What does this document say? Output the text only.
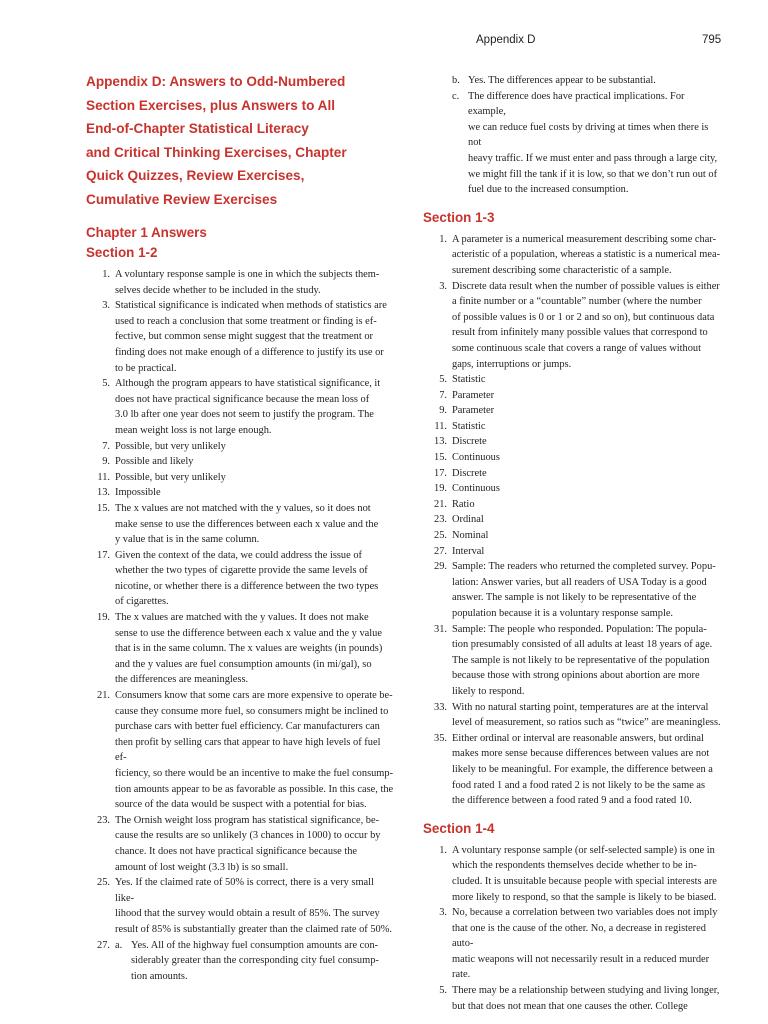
Appendix D	795
Appendix D: Answers to Odd-Numbered
Section Exercises, plus Answers to All
End-of-Chapter Statistical Literacy
and Critical Thinking Exercises, Chapter
Quick Quizzes, Review Exercises,
Cumulative Review Exercises
Chapter 1 Answers
Section 1-2
1. A voluntary response sample is one in which the subjects them-
selves decide whether to be included in the study.
3. Statistical significance is indicated when methods of statistics are
used to reach a conclusion that some treatment or finding is ef-
fective, but common sense might suggest that the treatment or
finding does not make enough of a difference to justify its use or
to be practical.
5. Although the program appears to have statistical significance, it
does not have practical significance because the mean loss of
3.0 lb after one year does not seem to justify the program. The
mean weight loss is not large enough.
7. Possible, but very unlikely
9. Possible and likely
11. Possible, but very unlikely
13. Impossible
15. The x values are not matched with the y values, so it does not
make sense to use the differences between each x value and the
y value that is in the same column.
17. Given the context of the data, we could address the issue of
whether the two types of cigarette provide the same levels of
nicotine, or whether there is a difference between the two types
of cigarettes.
19. The x values are matched with the y values. It does not make
sense to use the difference between each x value and the y value
that is in the same column. The x values are weights (in pounds)
and the y values are fuel consumption amounts (in mi/gal), so
the differences are meaningless.
21. Consumers know that some cars are more expensive to operate be-
cause they consume more fuel, so consumers might be inclined to
purchase cars with better fuel efficiency. Car manufacturers can
then profit by selling cars that appear to have high levels of fuel ef-
ficiency, so there would be an incentive to make the fuel consump-
tion amounts appear to be as favorable as possible. In this case, the
source of the data would be suspect with a potential for bias.
23. The Ornish weight loss program has statistical significance, be-
cause the results are so unlikely (3 chances in 1000) to occur by
chance. It does not have practical significance because the
amount of lost weight (3.3 lb) is so small.
25. Yes. If the claimed rate of 50% is correct, there is a very small like-
lihood that the survey would obtain a result of 85%. The survey
result of 85% is substantially greater than the claimed rate of 50%.
27. a. Yes. All of the highway fuel consumption amounts are con-
siderably greater than the corresponding city fuel consump-
tion amounts.
b. Yes. The differences appear to be substantial.
c. The difference does have practical implications. For example,
we can reduce fuel costs by driving at times when there is not
heavy traffic. If we must enter and pass through a large city,
we might fill the tank if it is low, so that we don’t run out of
fuel due to the increased consumption.
Section 1-3
1. A parameter is a numerical measurement describing some char-
acteristic of a population, whereas a statistic is a numerical mea-
surement describing some characteristic of a sample.
3. Discrete data result when the number of possible values is either
a finite number or a “countable” number (where the number
of possible values is 0 or 1 or 2 and so on), but continuous data
result from infinitely many possible values that correspond to
some continuous scale that covers a range of values without
gaps, interruptions or jumps.
5. Statistic
7. Parameter
9. Parameter
11. Statistic
13. Discrete
15. Continuous
17. Discrete
19. Continuous
21. Ratio
23. Ordinal
25. Nominal
27. Interval
29. Sample: The readers who returned the completed survey. Popu-
lation: Answer varies, but all readers of USA Today is a good
answer. The sample is not likely to be representative of the
population because it is a voluntary response sample.
31. Sample: The people who responded. Population: The popula-
tion presumably consisted of all adults at least 18 years of age.
The sample is not likely to be representative of the population
because those with strong opinions about abortion are more
likely to respond.
33. With no natural starting point, temperatures are at the interval
level of measurement, so ratios such as “twice” are meaningless.
35. Either ordinal or interval are reasonable answers, but ordinal
makes more sense because differences between values are not
likely to be meaningful. For example, the difference between a
food rated 1 and a food rated 2 is not likely to be the same as
the difference between a food rated 9 and a food rated 10.
Section 1-4
1. A voluntary response sample (or self-selected sample) is one in
which the respondents themselves decide whether to be in-
cluded. It is unsuitable because people with special interests are
more likely to respond, so that the sample is likely to be biased.
3. No, because a correlation between two variables does not imply
that one is the cause of the other. No, a decrease in registered auto-
matic weapons will not necessarily result in a reduced murder rate.
5. There may be a relationship between studying and living longer,
but that does not mean that one causes the other. College
